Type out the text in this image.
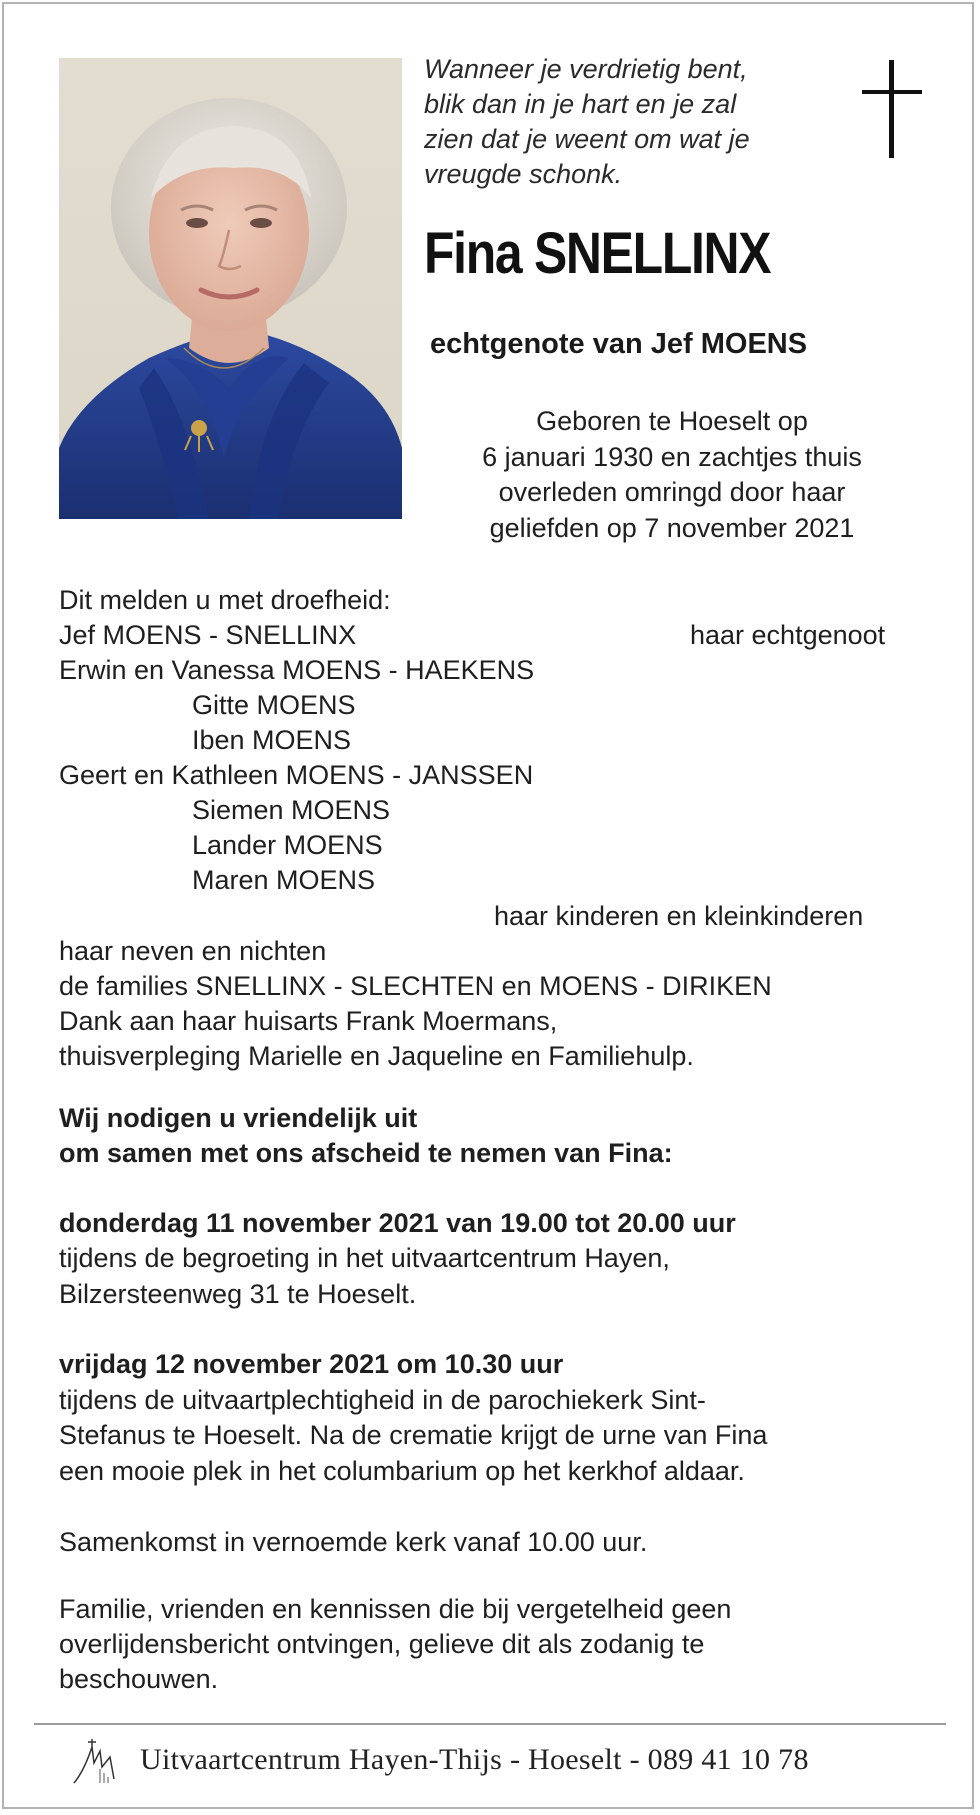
Wanneer je verdrietig bent,
blik dan in je hart en je zal
zien dat je weent om wat je
vreugde schonk.
Fina SNELLINX
echtgenote van Jef MOENS
Geboren te Hoeselt op
6 januari 1930 en zachtjes thuis
overleden omringd door haar
geliefden op 7 november 2021
Dit melden u met droefheid:
Jef MOENS - SNELLINX	haar echtgenoot
Erwin en Vanessa MOENS - HAEKENS
Gitte MOENS
Iben MOENS
Geert en Kathleen MOENS - JANSSEN
Siemen MOENS
Lander MOENS
Maren MOENS
haar kinderen en kleinkinderen
haar neven en nichten
de families SNELLINX - SLECHTEN en MOENS - DIRIKEN
Dank aan haar huisarts Frank Moermans,
thuisverpleging Marielle en Jaqueline en Familiehulp.
Wij nodigen u vriendelijk uit
om samen met ons afscheid te nemen van Fina:
donderdag 11 november 2021 van 19.00 tot 20.00 uur
tijdens de begroeting in het uitvaartcentrum Hayen,
Bilzersteenweg 31 te Hoeselt.
vrijdag 12 november 2021 om 10.30 uur
tijdens de uitvaartplechtigheid in de parochiekerk Sint-
Stefanus te Hoeselt. Na de crematie krijgt de urne van Fina
een mooie plek in het columbarium op het kerkhof aldaar.
Samenkomst in vernoemde kerk vanaf 10.00 uur.
Familie, vrienden en kennissen die bij vergetelheid geen
overlijdensbericht ontvingen, gelieve dit als zodanig te
beschouwen.
Uitvaartcentrum Hayen-Thijs - Hoeselt - 089 41 10 78
